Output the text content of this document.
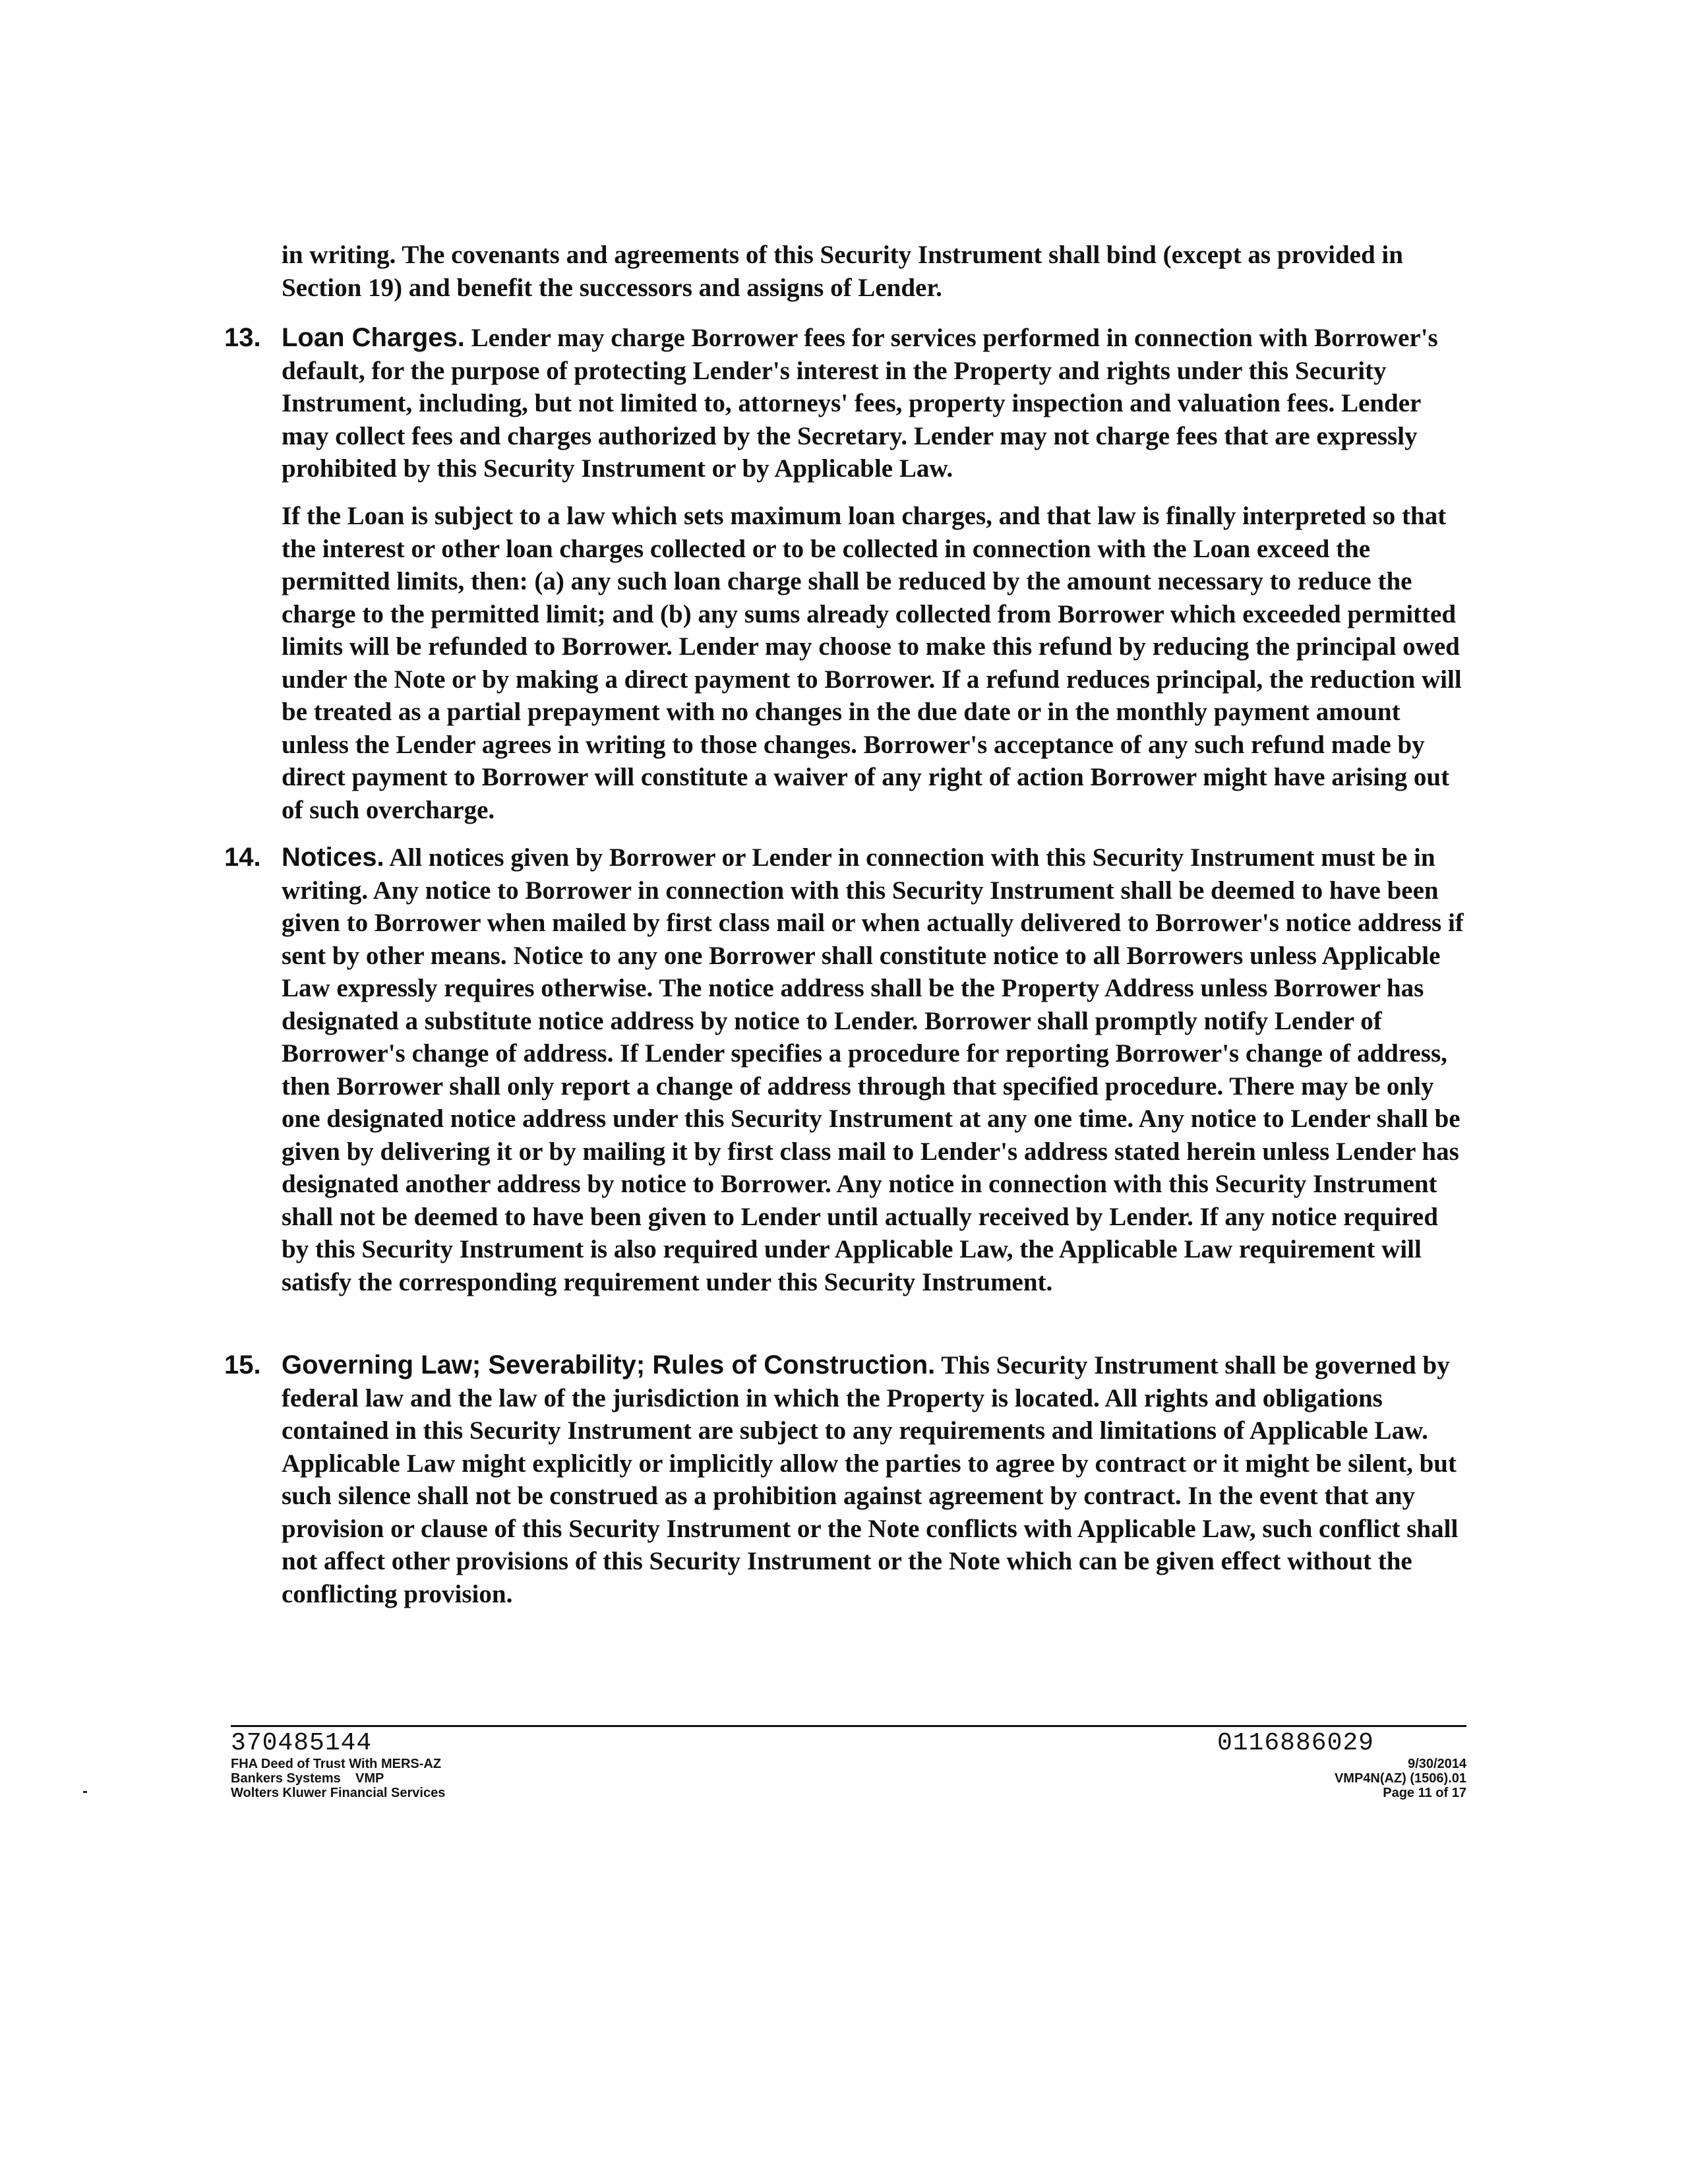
in writing. The covenants and agreements of this Security Instrument shall bind (except as provided in Section 19) and benefit the successors and assigns of Lender.
13. Loan Charges. Lender may charge Borrower fees for services performed in connection with Borrower's default, for the purpose of protecting Lender's interest in the Property and rights under this Security Instrument, including, but not limited to, attorneys' fees, property inspection and valuation fees. Lender may collect fees and charges authorized by the Secretary. Lender may not charge fees that are expressly prohibited by this Security Instrument or by Applicable Law.
If the Loan is subject to a law which sets maximum loan charges, and that law is finally interpreted so that the interest or other loan charges collected or to be collected in connection with the Loan exceed the permitted limits, then: (a) any such loan charge shall be reduced by the amount necessary to reduce the charge to the permitted limit; and (b) any sums already collected from Borrower which exceeded permitted limits will be refunded to Borrower. Lender may choose to make this refund by reducing the principal owed under the Note or by making a direct payment to Borrower. If a refund reduces principal, the reduction will be treated as a partial prepayment with no changes in the due date or in the monthly payment amount unless the Lender agrees in writing to those changes. Borrower's acceptance of any such refund made by direct payment to Borrower will constitute a waiver of any right of action Borrower might have arising out of such overcharge.
14. Notices. All notices given by Borrower or Lender in connection with this Security Instrument must be in writing. Any notice to Borrower in connection with this Security Instrument shall be deemed to have been given to Borrower when mailed by first class mail or when actually delivered to Borrower's notice address if sent by other means. Notice to any one Borrower shall constitute notice to all Borrowers unless Applicable Law expressly requires otherwise. The notice address shall be the Property Address unless Borrower has designated a substitute notice address by notice to Lender. Borrower shall promptly notify Lender of Borrower's change of address. If Lender specifies a procedure for reporting Borrower's change of address, then Borrower shall only report a change of address through that specified procedure. There may be only one designated notice address under this Security Instrument at any one time. Any notice to Lender shall be given by delivering it or by mailing it by first class mail to Lender's address stated herein unless Lender has designated another address by notice to Borrower. Any notice in connection with this Security Instrument shall not be deemed to have been given to Lender until actually received by Lender. If any notice required by this Security Instrument is also required under Applicable Law, the Applicable Law requirement will satisfy the corresponding requirement under this Security Instrument.
15. Governing Law; Severability; Rules of Construction. This Security Instrument shall be governed by federal law and the law of the jurisdiction in which the Property is located. All rights and obligations contained in this Security Instrument are subject to any requirements and limitations of Applicable Law. Applicable Law might explicitly or implicitly allow the parties to agree by contract or it might be silent, but such silence shall not be construed as a prohibition against agreement by contract. In the event that any provision or clause of this Security Instrument or the Note conflicts with Applicable Law, such conflict shall not affect other provisions of this Security Instrument or the Note which can be given effect without the conflicting provision.
370485144
FHA Deed of Trust With MERS-AZ
Bankers Systems    VMP
Wolters Kluwer Financial Services
0116886029
9/30/2014
VMP4N(AZ) (1506).01
Page 11 of 17
